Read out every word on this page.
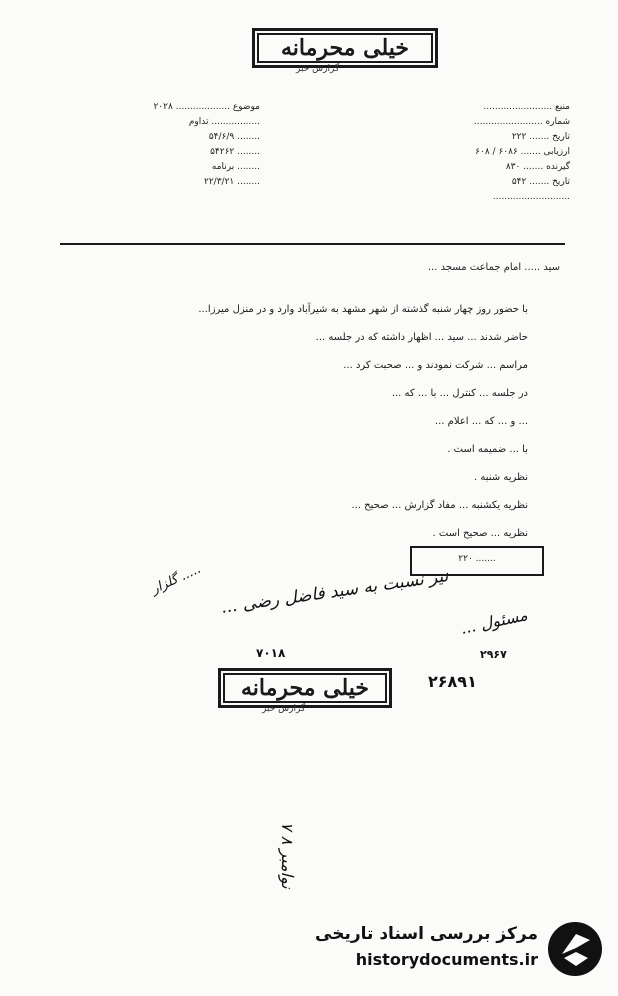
خیلی محرمانه
گزارش خبر
موضوع ................... ۲۰۲۸
................. تداوم
........ ۵۴/۶/۹
........ ۵۴۲۶۲
........ برنامه
........ ۲۲/۳/۲۱
منبع ........................
شماره ........................
تاریخ ....... ۲۲۲
ارزیابی ....... ۶۰۸۶ / ۶۰۸
گیرنده ....... ۸۳۰
تاریخ ....... ۵۴۲
...........................
سید ..... امام جماعت مسجد ...

با حضور روز چهار شنبه گذشته از شهر مشهد به شیرآباد وارد و در منزل میرزا...

حاضر شدند ... سید ... اظهار داشته که در جلسه ...

مراسم ... شرکت نمودند و ... صحبت کرد ...

در جلسه ... کنترل ... با ... که ...

... و ... که ... اعلام ...

با ... ضمیمه است .

نظریه شنبه .

نظریه یکشنبه ... مفاد گزارش ... صحیح ...

نظریه ... صحیح است .

....... ۲۲۰
نیز نسبت به سید فاضل رضی ...
..... گلزار
مسئول ...
۷۰۱۸
۲۶۸۹۱
۲۹۶۷
خیلی محرمانه
گزارش خبر
۷ نوامبر ۸
مرکز بررسی اسناد تاریخی
historydocuments.ir
